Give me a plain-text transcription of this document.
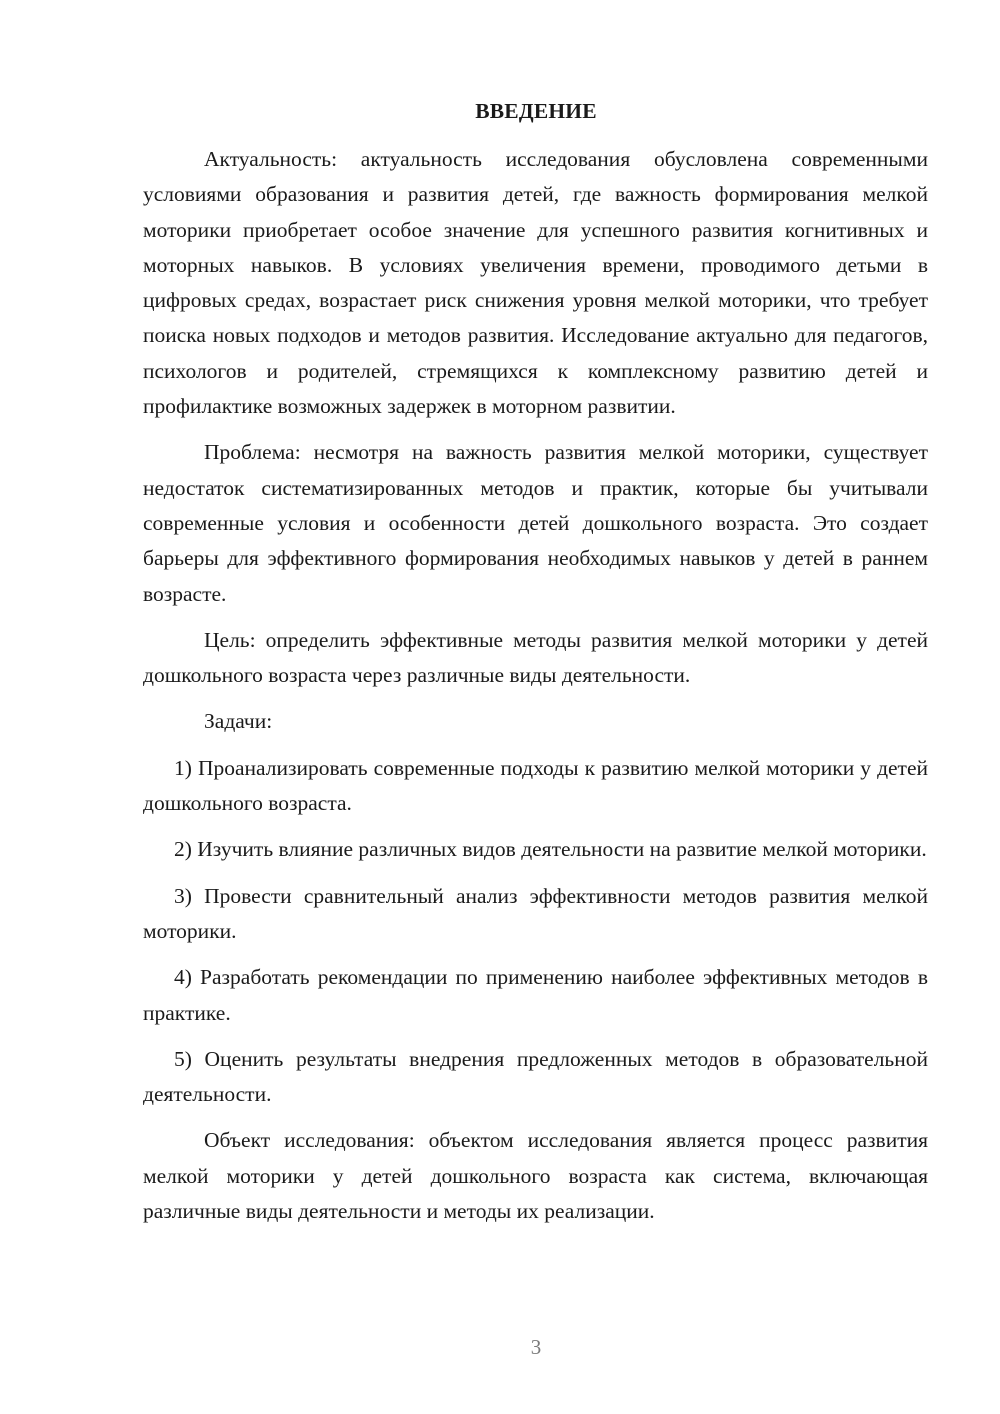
ВВЕДЕНИЕ

Актуальность: актуальность исследования обусловлена современными условиями образования и развития детей, где важность формирования мелкой моторики приобретает особое значение для успешного развития когнитивных и моторных навыков. В условиях увеличения времени, проводимого детьми в цифровых средах, возрастает риск снижения уровня мелкой моторики, что требует поиска новых подходов и методов развития. Исследование актуально для педагогов, психологов и родителей, стремящихся к комплексному развитию детей и профилактике возможных задержек в моторном развитии.

Проблема: несмотря на важность развития мелкой моторики, существует недостаток систематизированных методов и практик, которые бы учитывали современные условия и особенности детей дошкольного возраста. Это создает барьеры для эффективного формирования необходимых навыков у детей в раннем возрасте.

Цель: определить эффективные методы развития мелкой моторики у детей дошкольного возраста через различные виды деятельности.

Задачи:

1) Проанализировать современные подходы к развитию мелкой моторики у детей дошкольного возраста.

2) Изучить влияние различных видов деятельности на развитие мелкой моторики.

3) Провести сравнительный анализ эффективности методов развития мелкой моторики.

4) Разработать рекомендации по применению наиболее эффективных методов в практике.

5) Оценить результаты внедрения предложенных методов в образовательной деятельности.

Объект исследования: объектом исследования является процесс развития мелкой моторики у детей дошкольного возраста как система, включающая различные виды деятельности и методы их реализации.

3
